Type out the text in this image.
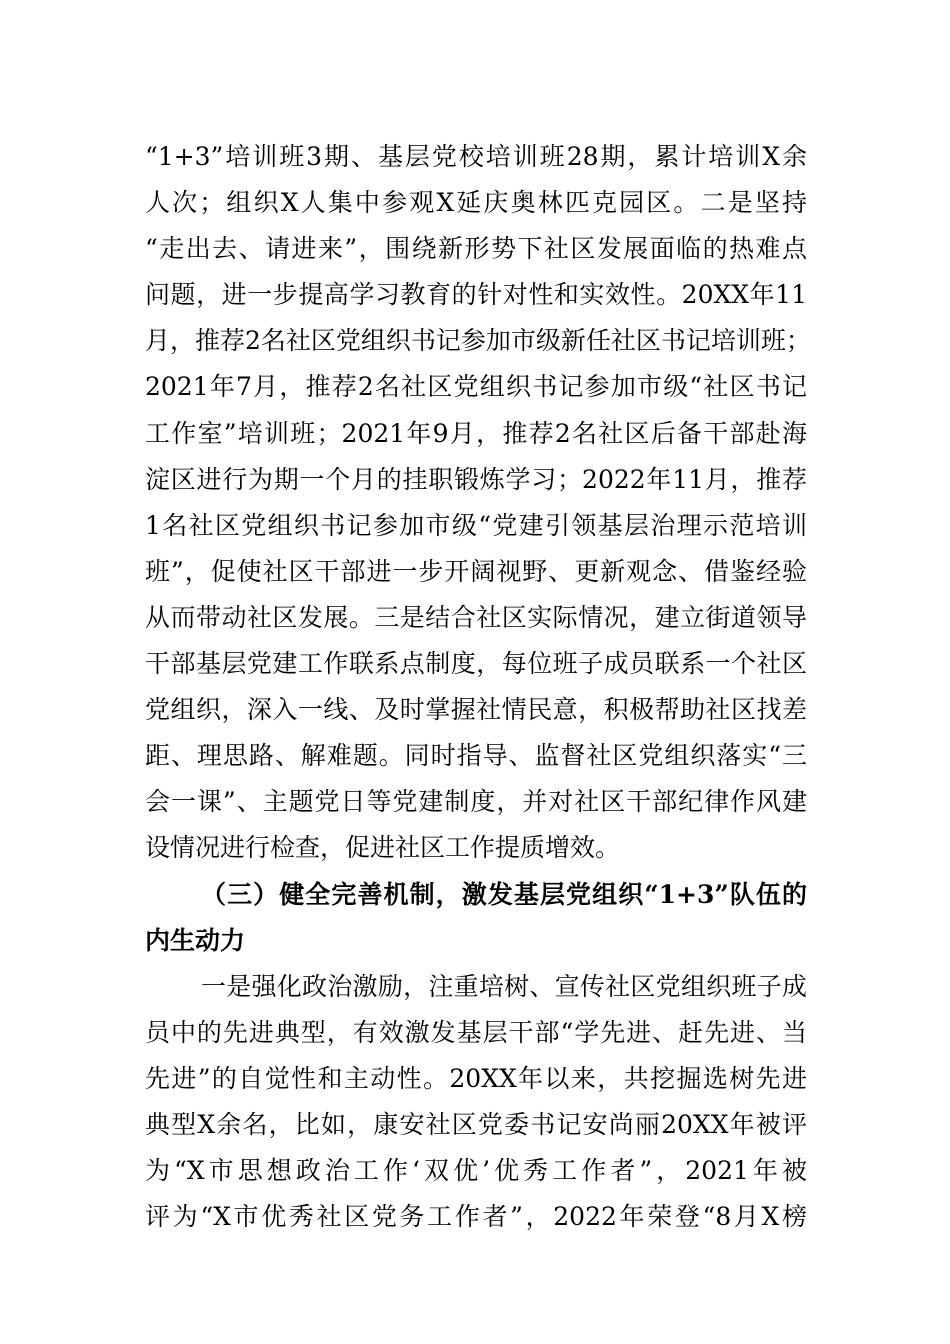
“1+3”培训班3期、基层党校培训班28期，累计培训X余
人次；组织X人集中参观X延庆奥林匹克园区。二是坚持
“走出去、请进来”，围绕新形势下社区发展面临的热难点
问题，进一步提高学习教育的针对性和实效性。20XX年11
月，推荐2名社区党组织书记参加市级新任社区书记培训班；
2021年7月，推荐2名社区党组织书记参加市级“社区书记
工作室”培训班；2021年9月，推荐2名社区后备干部赴海
淀区进行为期一个月的挂职锻炼学习；2022年11月，推荐
1名社区党组织书记参加市级“党建引领基层治理示范培训
班”，促使社区干部进一步开阔视野、更新观念、借鉴经验
从而带动社区发展。三是结合社区实际情况，建立街道领导
干部基层党建工作联系点制度，每位班子成员联系一个社区
党组织，深入一线、及时掌握社情民意，积极帮助社区找差
距、理思路、解难题。同时指导、监督社区党组织落实“三
会一课”、主题党日等党建制度，并对社区干部纪律作风建
设情况进行检查，促进社区工作提质增效。
（三）健全完善机制，激发基层党组织“1+3”队伍的
内生动力
一是强化政治激励，注重培树、宣传社区党组织班子成
员中的先进典型，有效激发基层干部“学先进、赶先进、当
先进”的自觉性和主动性。20XX年以来，共挖掘选树先进
典型X余名，比如，康安社区党委书记安尚丽20XX年被评
为“X市思想政治工作‘双优’优秀工作者”，2021年被
评为“X市优秀社区党务工作者”，2022年荣登“8月X榜
